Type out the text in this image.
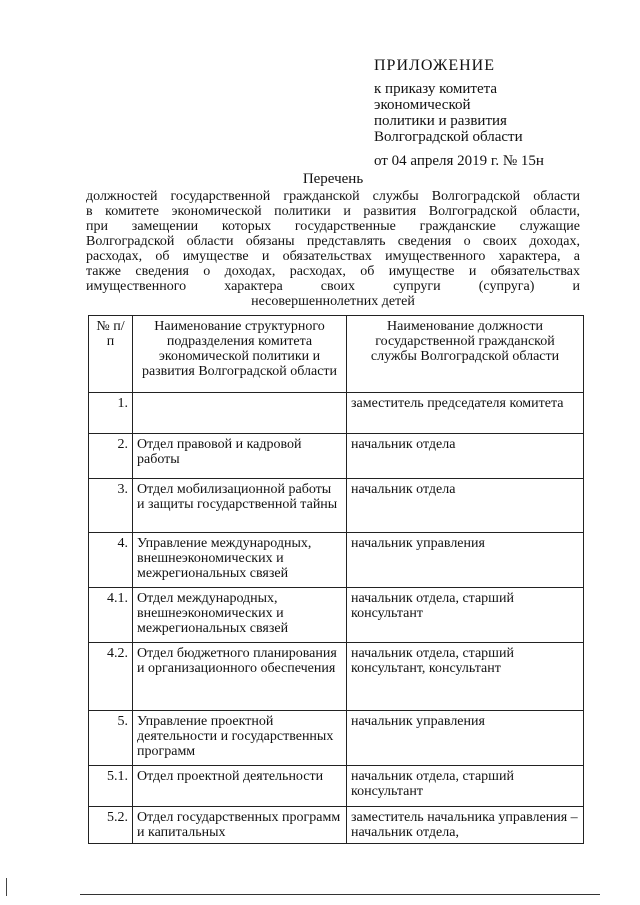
ПРИЛОЖЕНИЕ
к приказу комитета
экономической
политики и развития
Волгоградской области
от 04 апреля 2019 г. № 15н
Перечень
должностей государственной гражданской службы Волгоградской области
в комитете экономической политики и развития Волгоградской области,
при замещении которых государственные гражданские служащие
Волгоградской области обязаны представлять сведения о своих доходах,
расходах, об имуществе и обязательствах имущественного характера, а
также сведения о доходах, расходах, об имуществе и обязательствах
имущественного характера своих супруги (супруга) и
несовершеннолетних детей
№ п/п	Наименование структурного подразделения комитета экономической политики и развития Волгоградской области	Наименование должности государственной гражданской службы Волгоградской области
1.		заместитель председателя комитета
2.	Отдел правовой и кадровой работы	начальник отдела
3.	Отдел мобилизационной работы и защиты государственной тайны	начальник отдела
4.	Управление международных, внешнеэкономических и межрегиональных связей	начальник управления
4.1.	Отдел международных, внешнеэкономических и межрегиональных связей	начальник отдела, старший консультант
4.2.	Отдел бюджетного планирования и организационного обеспечения	начальник отдела, старший консультант, консультант
5.	Управление проектной деятельности и государственных программ	начальник управления
5.1.	Отдел проектной деятельности	начальник отдела, старший консультант
5.2.	Отдел государственных программ и капитальных	заместитель начальника управления – начальник отдела,
